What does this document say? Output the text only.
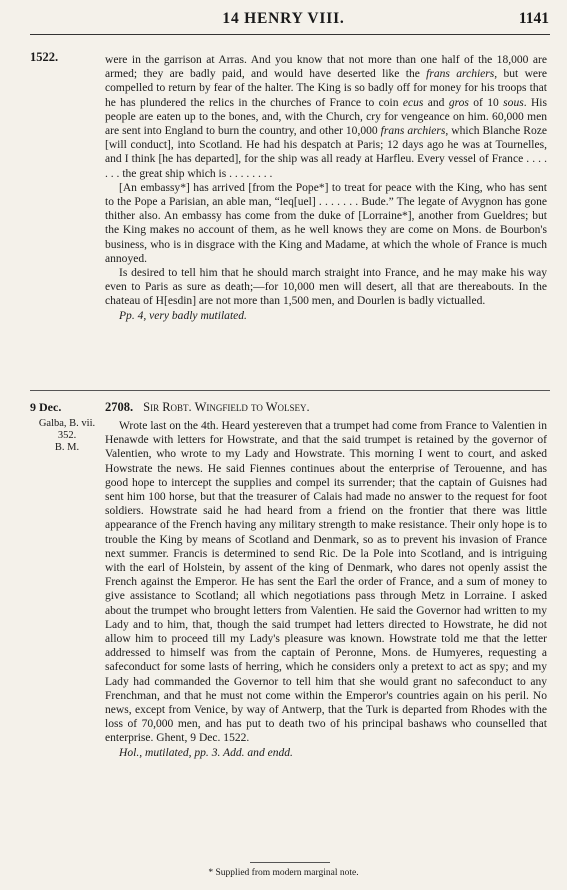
14 HENRY VIII.	1141
1522.	were in the garrison at Arras. And you know that not more than one half of the 18,000 are armed; they are badly paid, and would have deserted like the frans archiers, but were compelled to return by fear of the halter. The King is so badly off for money for his troops that he has plundered the relics in the churches of France to coin ecus and gros of 10 sous. His people are eaten up to the bones, and, with the Church, cry for vengeance on him. 60,000 men are sent into England to burn the country, and other 10,000 frans archiers, which Blanche Roze [will conduct], into Scotland. He had his despatch at Paris; 12 days ago he was at Tournelles, and I think [he has departed], for the ship was all ready at Harfleu. Every vessel of France . . . . . . . the great ship which is . . . . . . . .

[An embassy*] has arrived [from the Pope*] to treat for peace with the King, who has sent to the Pope a Parisian, an able man, “leq[uel] . . . . . . . Bude.” The legate of Avygnon has gone thither also. An embassy has come from the duke of [Lorraine*], another from Gueldres; but the King makes no account of them, as he well knows they are come on Mons. de Bourbon's business, who is in disgrace with the King and Madame, at which the whole of France is much annoyed.

Is desired to tell him that he should march straight into France, and he may make his way even to Paris as sure as death;—for 10,000 men will desert, all that are thereabouts. In the chateau of H[esdin] are not more than 1,500 men, and Dourlen is badly victualled.

Pp. 4, very badly mutilated.

9 Dec.
Galba, B. vii.
352.
B. M.
2708. Sir Robt. Wingfield to Wolsey.

Wrote last on the 4th. Heard yestereven that a trumpet had come from France to Valentien in Henawde with letters for Howstrate, and that the said trumpet is retained by the governor of Valentien, who wrote to my Lady and Howstrate. This morning I went to court, and asked Howstrate the news. He said Fiennes continues about the enterprise of Terouenne, and has good hope to intercept the supplies and compel its surrender; that the captain of Guisnes had sent him 100 horse, but that the treasurer of Calais had made no answer to the request for foot soldiers. Howstrate said he had heard from a friend on the frontier that there was little appearance of the French having any military strength to make resistance. Their only hope is to trouble the King by means of Scotland and Denmark, so as to prevent his invasion of France next summer. Francis is determined to send Ric. De la Pole into Scotland, and is intriguing with the earl of Holstein, by assent of the king of Denmark, who dares not openly assist the French against the Emperor. He has sent the Earl the order of France, and a sum of money to give assistance to Scotland; all which negotiations pass through Metz in Lorraine. I asked about the trumpet who brought letters from Valentien. He said the Governor had written to my Lady and to him, that, though the said trumpet had letters directed to Howstrate, he did not allow him to proceed till my Lady's pleasure was known. Howstrate told me that the letter addressed to himself was from the captain of Peronne, Mons. de Humyeres, requesting a safeconduct for some lasts of herring, which he considers only a pretext to act as spy; and my Lady had commanded the Governor to tell him that she would grant no safeconduct to any Frenchman, and that he must not come within the Emperor's countries again on his peril. No news, except from Venice, by way of Antwerp, that the Turk is departed from Rhodes with the loss of 70,000 men, and has put to death two of his principal bashaws who counselled that enterprise. Ghent, 9 Dec. 1522.

Hol., mutilated, pp. 3. Add. and endd.

* Supplied from modern marginal note.
